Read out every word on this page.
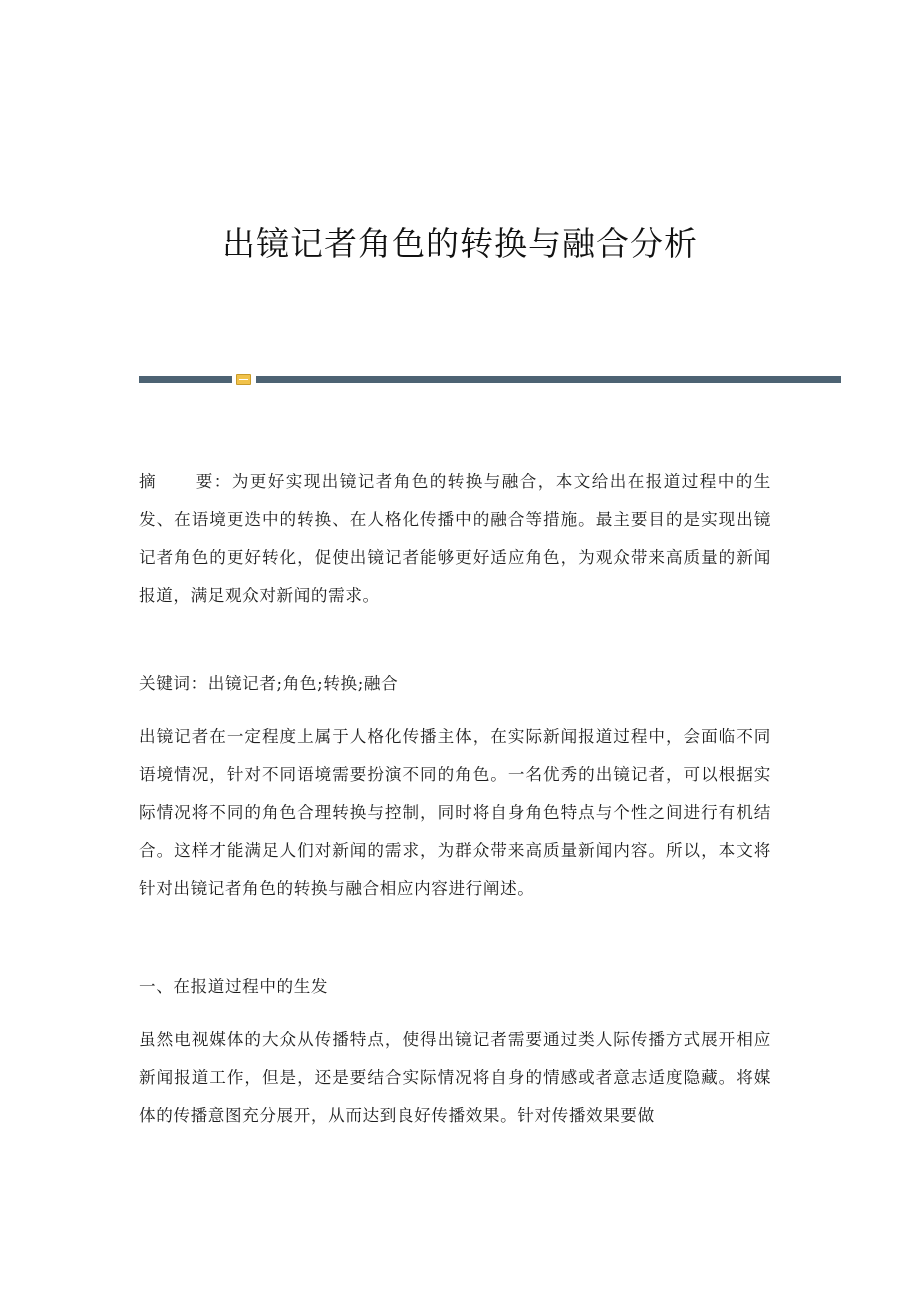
出镜记者角色的转换与融合分析
摘 要：为更好实现出镜记者角色的转换与融合，本文给出在报道过程中的生发、在语境更迭中的转换、在人格化传播中的融合等措施。最主要目的是实现出镜记者角色的更好转化，促使出镜记者能够更好适应角色，为观众带来高质量的新闻报道，满足观众对新闻的需求。
关键词：出镜记者;角色;转换;融合
出镜记者在一定程度上属于人格化传播主体，在实际新闻报道过程中，会面临不同语境情况，针对不同语境需要扮演不同的角色。一名优秀的出镜记者，可以根据实际情况将不同的角色合理转换与控制，同时将自身角色特点与个性之间进行有机结合。这样才能满足人们对新闻的需求，为群众带来高质量新闻内容。所以，本文将针对出镜记者角色的转换与融合相应内容进行阐述。
一、在报道过程中的生发
虽然电视媒体的大众从传播特点，使得出镜记者需要通过类人际传播方式展开相应新闻报道工作，但是，还是要结合实际情况将自身的情感或者意志适度隐藏。将媒体的传播意图充分展开，从而达到良好传播效果。针对传播效果要做
